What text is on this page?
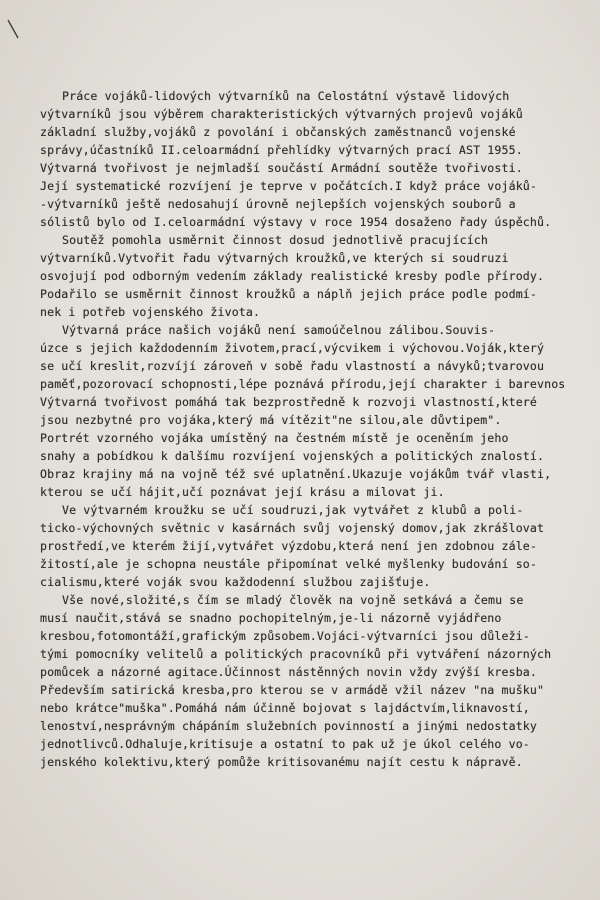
Práce vojáků-lidových výtvarníků na Celostátní výstavě lidových
výtvarníků jsou výběrem charakteristických výtvarných projevů vojáků
základní služby,vojáků z povolání i občanských zaměstnanců vojenské
správy,účastníků II.celoarmádní přehlídky výtvarných prací AST 1955.
Výtvarná tvořivost je nejmladší součástí Armádní soutěže tvořivosti.
Její systematické rozvíjení je teprve v počátcích.I když práce vojáků-
-výtvarníků ještě nedosahují úrovně nejlepších vojenských souborů a
sólistů bylo od I.celoarmádní výstavy v roce 1954 dosaženo řady úspěchů.
Soutěž pomohla usměrnit činnost dosud jednotlivě pracujících
výtvarníků.Vytvořit řadu výtvarných kroužků,ve kterých si soudruzi
osvojují pod odborným vedením základy realistické kresby podle přírody.
Podařilo se usměrnit činnost kroužků a náplň jejich práce podle podmí-
nek i potřeb vojenského života.
Výtvarná práce našich vojáků není samoúčelnou zálibou.Souvis-
úzce s jejich každodenním životem,prací,výcvikem i výchovou.Voják,který
se učí kreslit,rozvíjí zároveň v sobě řadu vlastností a návyků;tvarovou
paměť,pozorovací schopnosti,lépe poznává přírodu,její charakter i barevnos
Výtvarná tvořivost pomáhá tak bezprostředně k rozvoji vlastností,které
jsou nezbytné pro vojáka,který má vítězit"ne silou,ale důvtipem".
Portrét vzorného vojáka umístěný na čestném místě je oceněním jeho
snahy a pobídkou k dalšímu rozvíjení vojenských a politických znalostí.
Obraz krajiny má na vojně též své uplatnění.Ukazuje vojákům tvář vlasti,
kterou se učí hájit,učí poznávat její krásu a milovat ji.
Ve výtvarném kroužku se učí soudruzi,jak vytvářet z klubů a poli-
ticko-výchovných světnic v kasárnách svůj vojenský domov,jak zkrášlovat
prostředí,ve kterém žijí,vytvářet výzdobu,která není jen zdobnou zále-
žitostí,ale je schopna neustále připomínat velké myšlenky budování so-
cialismu,které voják svou každodenní službou zajišťuje.
Vše nové,složité,s čím se mladý člověk na vojně setkává a čemu se
musí naučit,stává se snadno pochopitelným,je-li názorně vyjádřeno
kresbou,fotomontáží,grafickým způsobem.Vojáci-výtvarníci jsou důleži-
tými pomocníky velitelů a politických pracovníků při vytváření názorných
pomůcek a názorné agitace.Účinnost nástěnných novin vždy zvýší kresba.
Především satirická kresba,pro kterou se v armádě vžil název "na mušku"
nebo krátce"muška".Pomáhá nám účinně bojovat s lajdáctvím,liknavostí,
lenoství,nesprávným chápáním služebních povinností a jinými nedostatky
jednotlivců.Odhaluje,kritisuje a ostatní to pak už je úkol celého vo-
jenského kolektivu,který pomůže kritisovanému najít cestu k nápravě.
